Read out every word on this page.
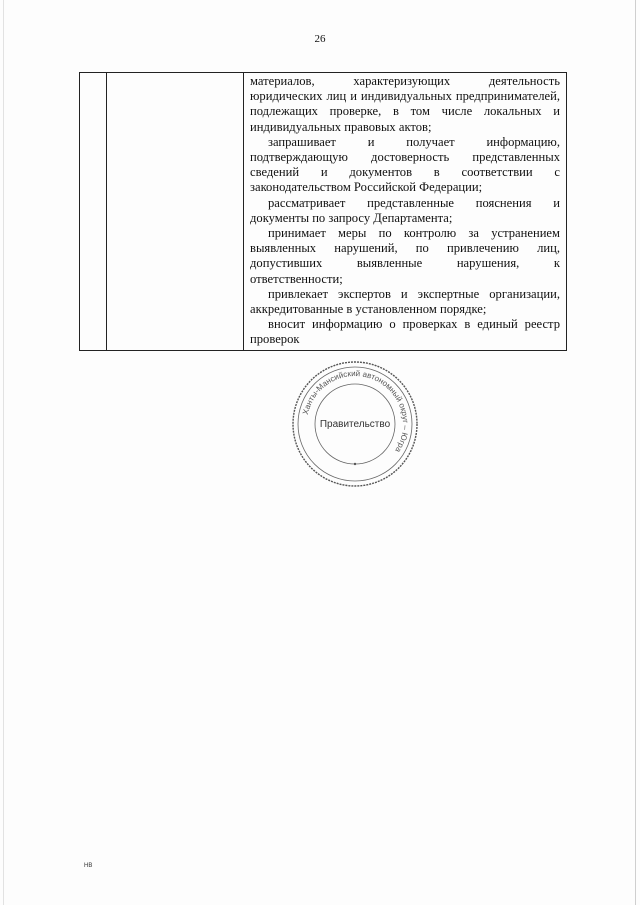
26

материалов, характеризующих деятельность юридических лиц и индивидуальных предпринимателей, подлежащих проверке, в том числе локальных и индивидуальных правовых актов;

запрашивает и получает информацию, подтверждающую достоверность представленных сведений и документов в соответствии с законодательством Российской Федерации;

рассматривает представленные пояснения и документы по запросу Департамента;

принимает меры по контролю за устранением выявленных нарушений, по привлечению лиц, допустивших выявленные нарушения, к ответственности;

привлекает экспертов и экспертные организации, аккредитованные в установленном порядке;

вносит информацию о проверках в единый реестр проверок

Ханты-Мансийский автономный округ – Югра
Правительство
НВ
